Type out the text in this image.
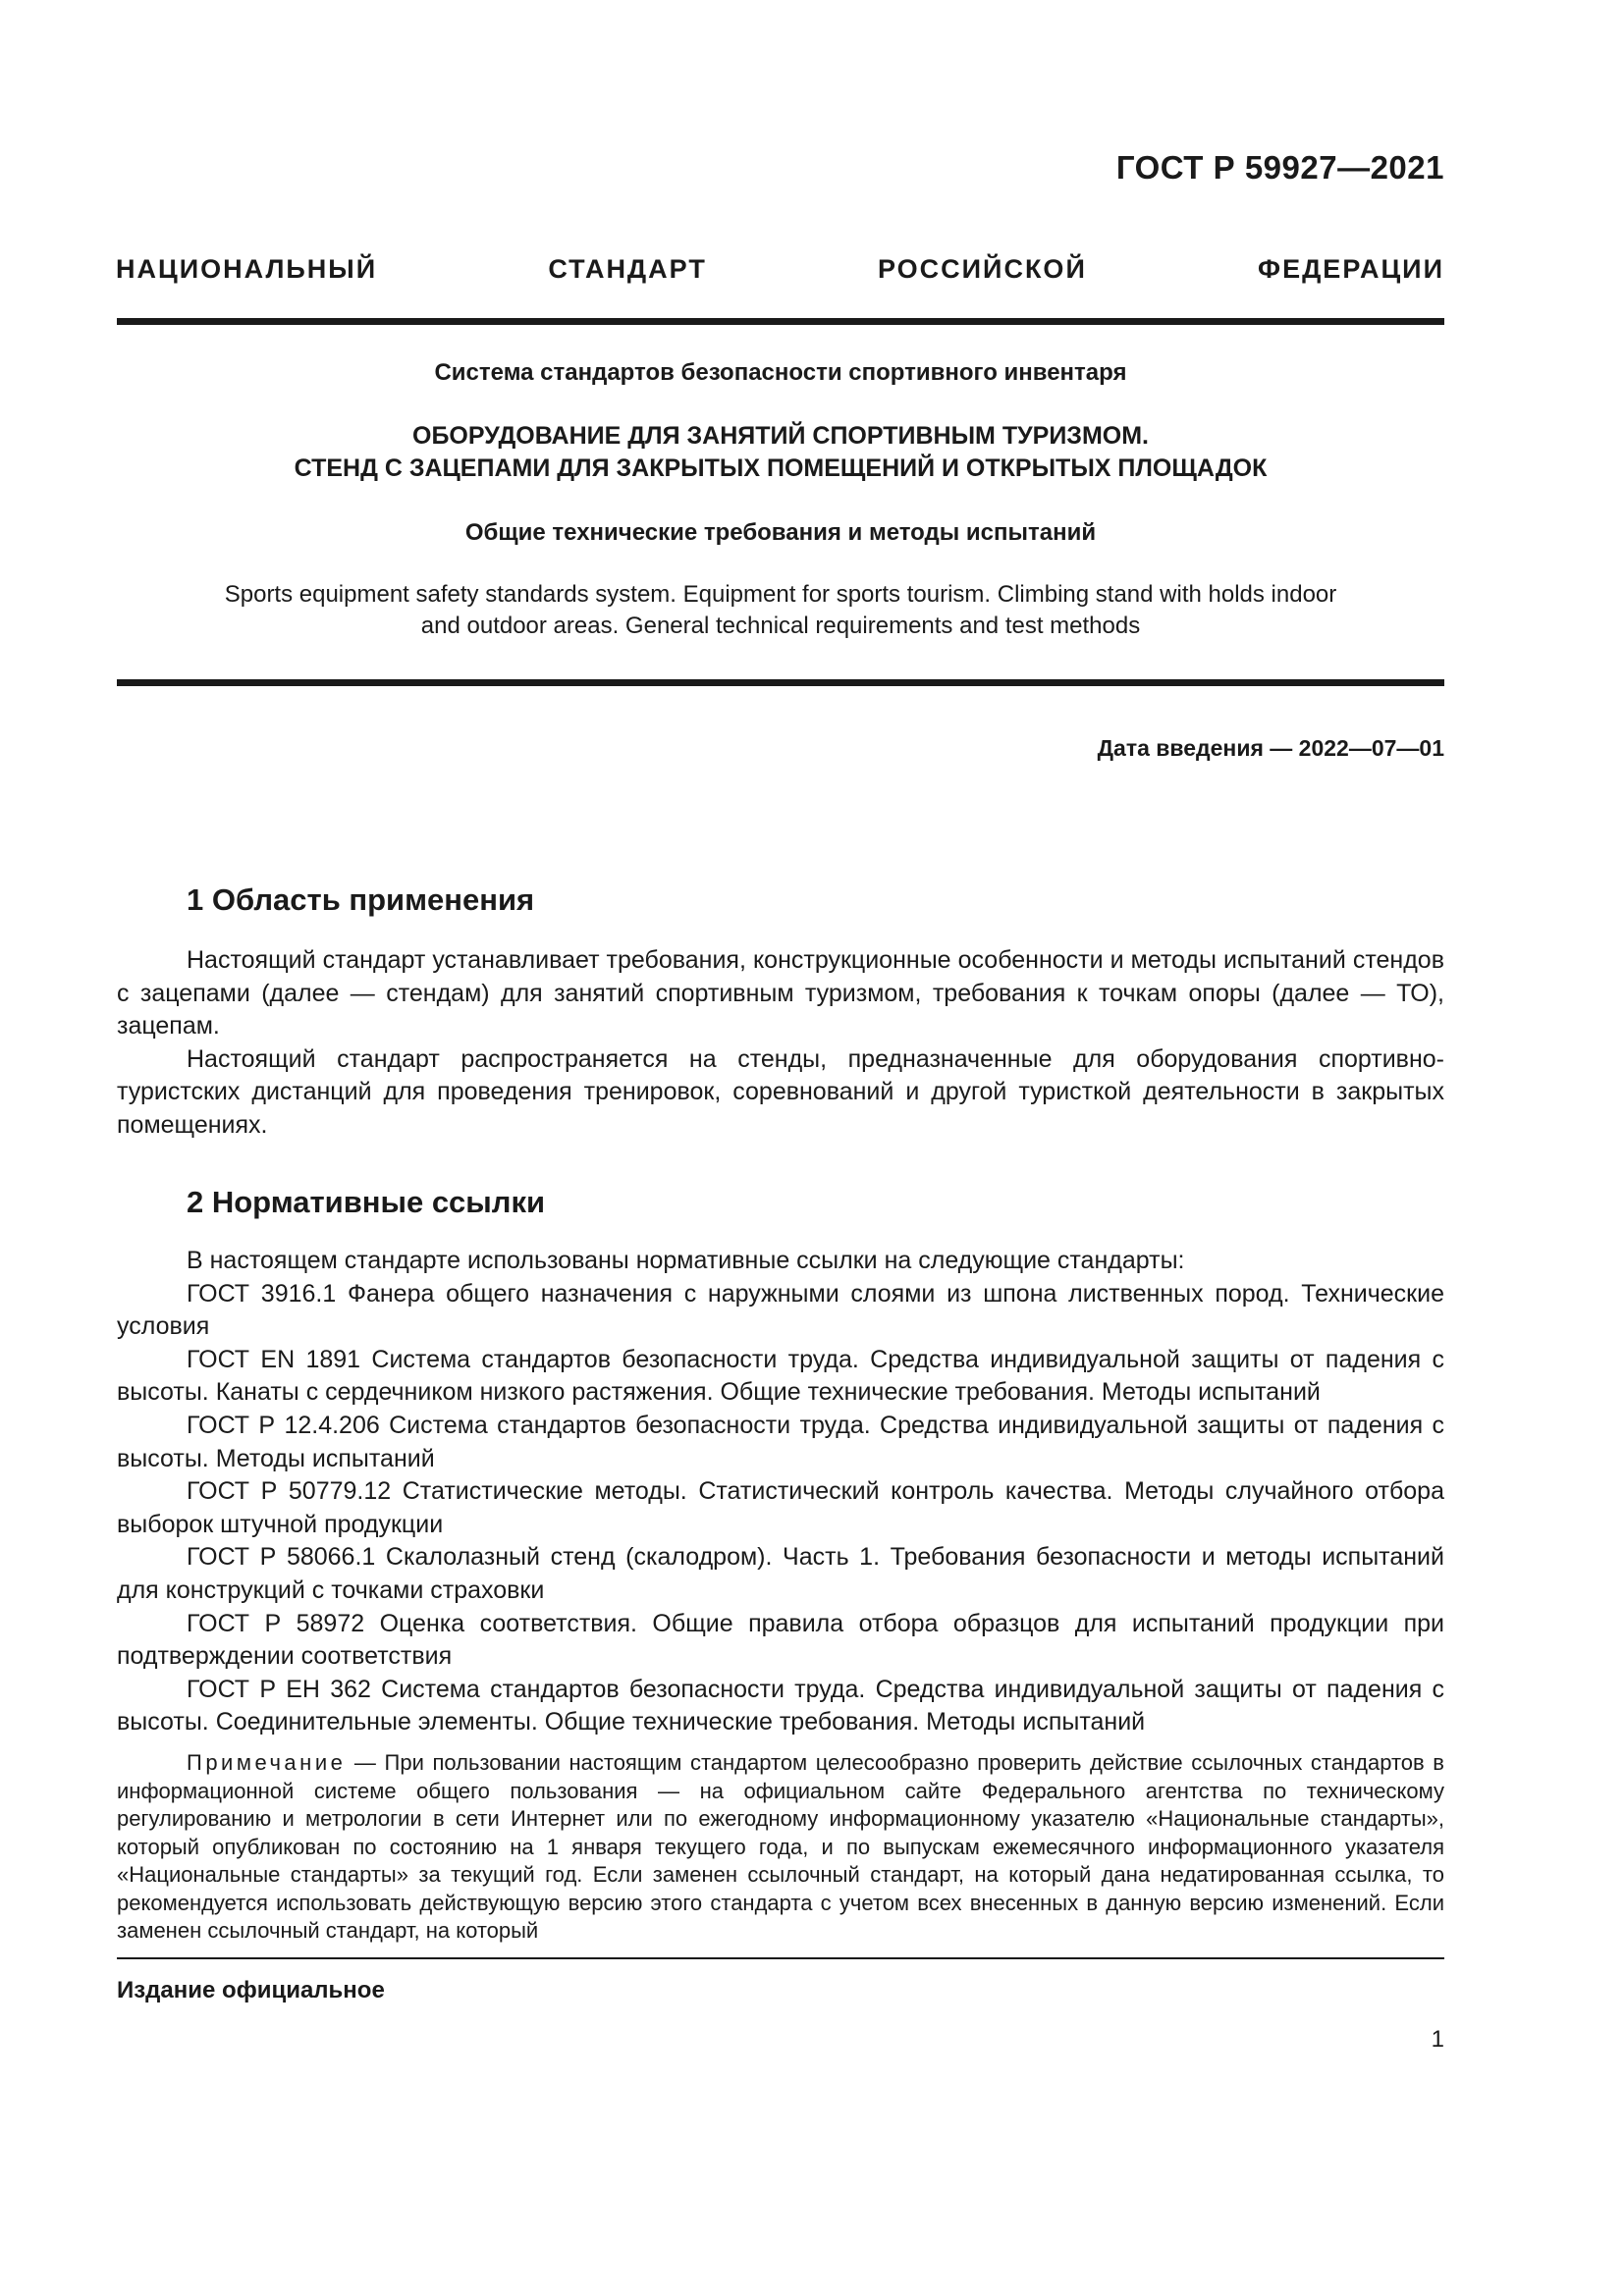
ГОСТ Р 59927—2021
НАЦИОНАЛЬНЫЙ СТАНДАРТ РОССИЙСКОЙ ФЕДЕРАЦИИ
Система стандартов безопасности спортивного инвентаря
ОБОРУДОВАНИЕ ДЛЯ ЗАНЯТИЙ СПОРТИВНЫМ ТУРИЗМОМ.
СТЕНД С ЗАЦЕПАМИ ДЛЯ ЗАКРЫТЫХ ПОМЕЩЕНИЙ И ОТКРЫТЫХ ПЛОЩАДОК
Общие технические требования и методы испытаний
Sports equipment safety standards system. Equipment for sports tourism. Climbing stand with holds indoor
and outdoor areas. General technical requirements and test methods
Дата введения — 2022—07—01
1 Область применения

Настоящий стандарт устанавливает требования, конструкционные особенности и методы испытаний стендов с зацепами (далее — стендам) для занятий спортивным туризмом, требования к точкам опоры (далее — ТО), зацепам.

Настоящий стандарт распространяется на стенды, предназначенные для оборудования спортивно-туристских дистанций для проведения тренировок, соревнований и другой туристкой деятельности в закрытых помещениях.

2 Нормативные ссылки

В настоящем стандарте использованы нормативные ссылки на следующие стандарты:

ГОСТ 3916.1 Фанера общего назначения с наружными слоями из шпона лиственных пород. Технические условия

ГОСТ EN 1891 Система стандартов безопасности труда. Средства индивидуальной защиты от падения с высоты. Канаты с сердечником низкого растяжения. Общие технические требования. Методы испытаний

ГОСТ Р 12.4.206 Система стандартов безопасности труда. Средства индивидуальной защиты от падения с высоты. Методы испытаний

ГОСТ Р 50779.12 Статистические методы. Статистический контроль качества. Методы случайного отбора выборок штучной продукции

ГОСТ Р 58066.1 Скалолазный стенд (скалодром). Часть 1. Требования безопасности и методы испытаний для конструкций с точками страховки

ГОСТ Р 58972 Оценка соответствия. Общие правила отбора образцов для испытаний продукции при подтверждении соответствия

ГОСТ Р ЕН 362 Система стандартов безопасности труда. Средства индивидуальной защиты от падения с высоты. Соединительные элементы. Общие технические требования. Методы испытаний

Примечание — При пользовании настоящим стандартом целесообразно проверить действие ссылочных стандартов в информационной системе общего пользования — на официальном сайте Федерального агентства по техническому регулированию и метрологии в сети Интернет или по ежегодному информационному указателю «Национальные стандарты», который опубликован по состоянию на 1 января текущего года, и по выпускам ежемесячного информационного указателя «Национальные стандарты» за текущий год. Если заменен ссылочный стандарт, на который дана недатированная ссылка, то рекомендуется использовать действующую версию этого стандарта с учетом всех внесенных в данную версию изменений. Если заменен ссылочный стандарт, на который

Издание официальное
1
